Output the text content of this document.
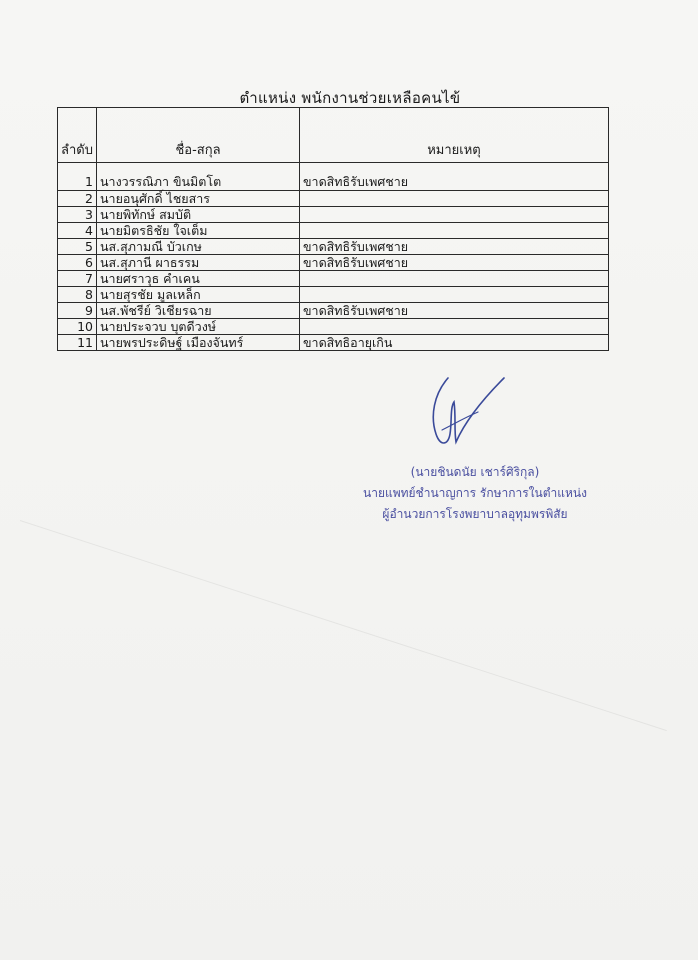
ตำแหน่ง พนักงานช่วยเหลือคนไข้
ลำดับ	ชื่อ-สกุล	หมายเหตุ
1	นางวรรณิภา ขินมิตโต	ขาดสิทธิรับเพศชาย
2	นายอนุศักดิ์ ไชยสาร	
3	นายพิทักษ์ สมบัติ	
4	นายมิตรธิชัย ใจเต็ม	
5	นส.สุภามณี บัวเกษ	ขาดสิทธิรับเพศชาย
6	นส.สุภานี ผาธรรม	ขาดสิทธิรับเพศชาย
7	นายศราวุธ คำเคน	
8	นายสุรชัย มูลเหล็ก	
9	นส.พัชรีย์ วิเชียรฉาย	ขาดสิทธิรับเพศชาย
10	นายประจวบ บุตดีวงษ์	
11	นายพรประดิษฐ์ เมืองจันทร์	ขาดสิทธิอายุเกิน
(นายชินดนัย เชาร์ศิริกุล)
นายแพทย์ชำนาญการ รักษาการในตำแหน่ง
ผู้อำนวยการโรงพยาบาลอุทุมพรพิสัย
